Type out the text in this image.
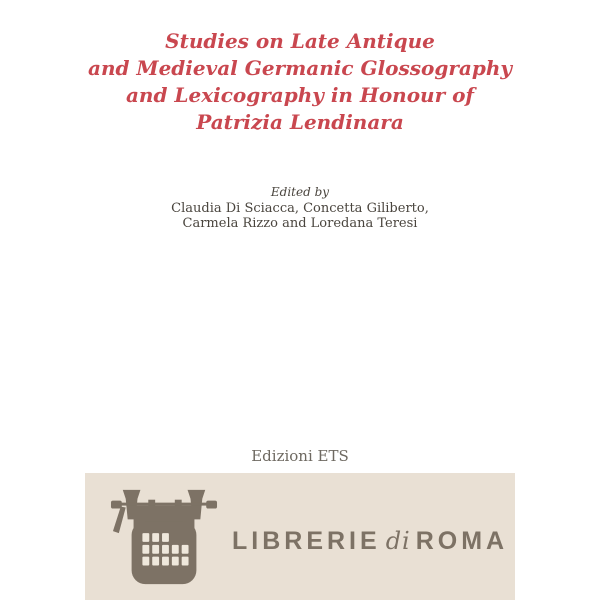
Studies on Late Antique
and Medieval Germanic Glossography
and Lexicography in Honour of
Patrizia Lendinara
Edited by
Claudia Di Sciacca, Concetta Giliberto,
Carmela Rizzo and Loredana Teresi
Edizioni ETS
LIBRERIE di ROMA
